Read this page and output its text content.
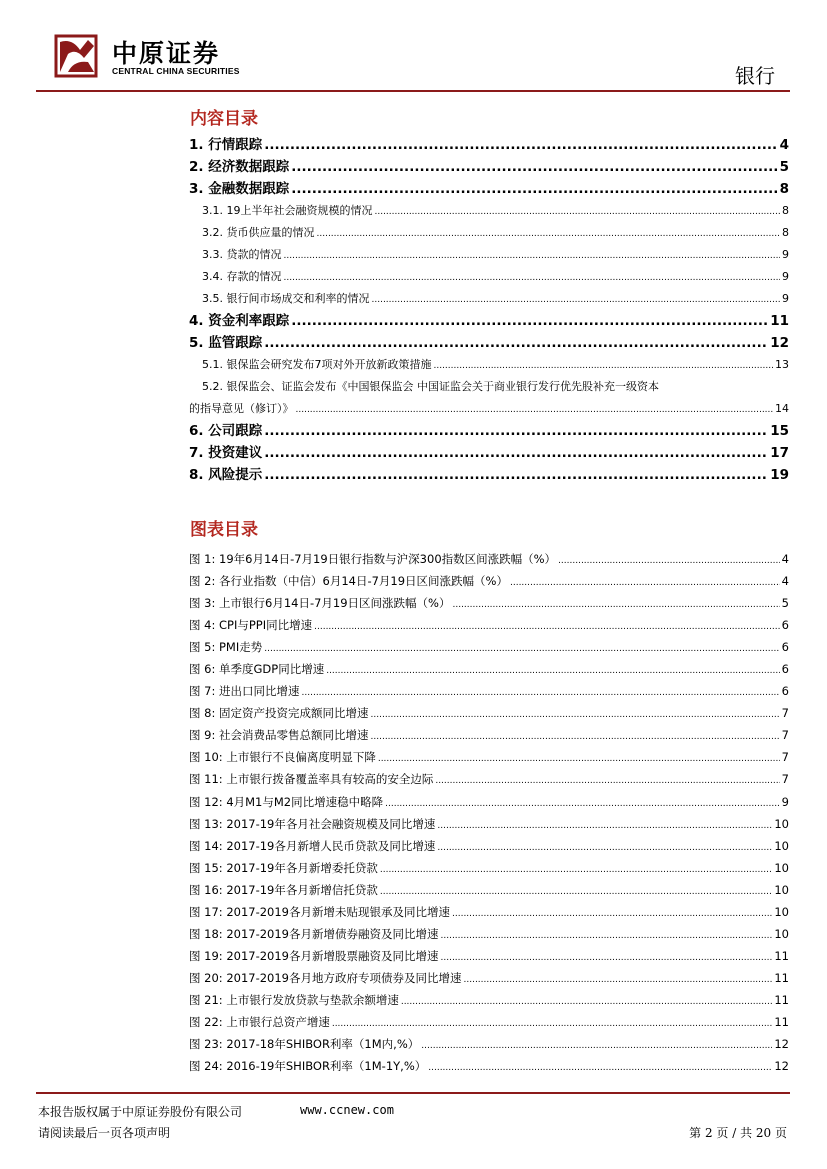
中原证券
CENTRAL CHINA SECURITIES	银行
内容目录
1. 行情跟踪 .....	4
2. 经济数据跟踪 .....	5
3. 金融数据跟踪 .....	8
3.1. 19上半年社会融资规模的情况 .....	8
3.2. 货币供应量的情况 .....	8
3.3. 贷款的情况 .....	9
3.4. 存款的情况 .....	9
3.5. 银行间市场成交和利率的情况 .....	9
4. 资金利率跟踪 .....	11
5. 监管跟踪 .....	12
5.1. 银保监会研究发布7项对外开放新政策措施 .....	13
5.2. 银保监会、证监会发布《中国银保监会 中国证监会关于商业银行发行优先股补充一级资本
的指导意见（修订）》 .....	14
6. 公司跟踪 .....	15
7. 投资建议 .....	17
8. 风险提示 .....	19
图表目录
图 1: 19年6月14日-7月19日银行指数与沪深300指数区间涨跌幅（%） .....	4
图 2: 各行业指数（中信）6月14日-7月19日区间涨跌幅（%） .....	4
图 3: 上市银行6月14日-7月19日区间涨跌幅（%） .....	5
图 4: CPI与PPI同比增速 .....	6
图 5: PMI走势 .....	6
图 6: 单季度GDP同比增速 .....	6
图 7: 进出口同比增速 .....	6
图 8: 固定资产投资完成额同比增速 .....	7
图 9: 社会消费品零售总额同比增速 .....	7
图 10: 上市银行不良偏离度明显下降 .....	7
图 11: 上市银行拨备覆盖率具有较高的安全边际 .....	7
图 12: 4月M1与M2同比增速稳中略降 .....	9
图 13: 2017-19年各月社会融资规模及同比增速 .....	10
图 14: 2017-19各月新增人民币贷款及同比增速 .....	10
图 15: 2017-19年各月新增委托贷款 .....	10
图 16: 2017-19年各月新增信托贷款 .....	10
图 17: 2017-2019各月新增未贴现银承及同比增速 .....	10
图 18: 2017-2019各月新增债券融资及同比增速 .....	10
图 19: 2017-2019各月新增股票融资及同比增速 .....	11
图 20: 2017-2019各月地方政府专项债券及同比增速 .....	11
图 21: 上市银行发放贷款与垫款余额增速 .....	11
图 22: 上市银行总资产增速 .....	11
图 23: 2017-18年SHIBOR利率（1M内,%） .....	12
图 24: 2016-19年SHIBOR利率（1M-1Y,%） .....	12
本报告版权属于中原证券股份有限公司	www.ccnew.com
请阅读最后一页各项声明	第 2 页 / 共 20 页
